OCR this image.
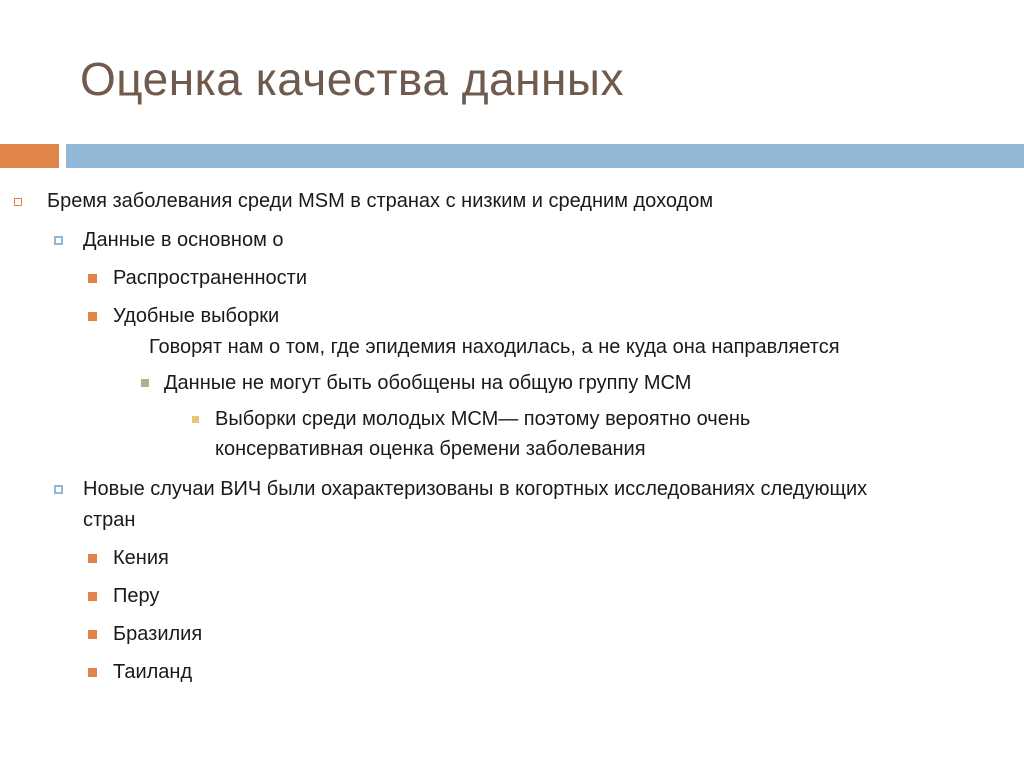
Оценка качества данных
Бремя заболевания среди MSM в странах с низким и средним доходом
Данные в основном о
Распространенности
Удобные выборки
Говорят нам о том, где эпидемия находилась, а не куда она направляется
Данные не могут быть обобщены на общую группу МСМ
Выборки среди молодых МСМ— поэтому вероятно очень
консервативная оценка бремени заболевания
Новые случаи ВИЧ были охарактеризованы в когортных исследованиях следующих
стран
Кения
Перу
Бразилия
Таиланд
